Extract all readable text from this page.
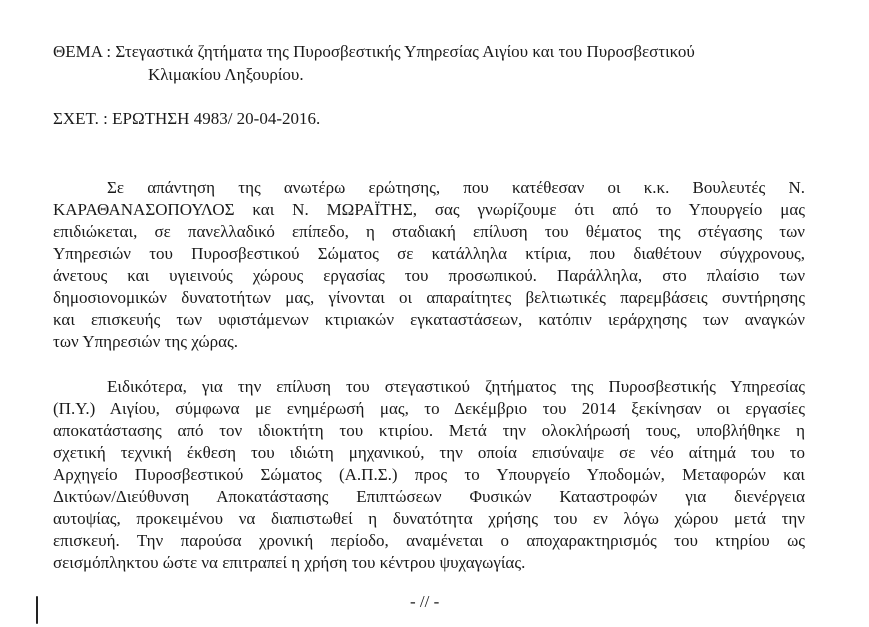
ΘΕΜΑ : Στεγαστικά ζητήματα της Πυροσβεστικής Υπηρεσίας Αιγίου και του Πυροσβεστικού
Κλιμακίου Ληξουρίου.
ΣΧΕΤ. : ΕΡΩΤΗΣΗ 4983/ 20-04-2016.
Σε απάντηση της ανωτέρω ερώτησης, που κατέθεσαν οι κ.κ. Βουλευτές Ν.
ΚΑΡΑΘΑΝΑΣΟΠΟΥΛΟΣ και Ν. ΜΩΡΑΪΤΗΣ, σας γνωρίζουμε ότι από το Υπουργείο μας
επιδιώκεται, σε πανελλαδικό επίπεδο, η σταδιακή επίλυση του θέματος της στέγασης των
Υπηρεσιών του Πυροσβεστικού Σώματος σε κατάλληλα κτίρια, που διαθέτουν σύγχρονους,
άνετους και υγιεινούς χώρους εργασίας του προσωπικού. Παράλληλα, στο πλαίσιο των
δημοσιονομικών δυνατοτήτων μας, γίνονται οι απαραίτητες βελτιωτικές παρεμβάσεις συντήρησης
και επισκευής των υφιστάμενων κτιριακών εγκαταστάσεων, κατόπιν ιεράρχησης των αναγκών
των Υπηρεσιών της χώρας.
Ειδικότερα, για την επίλυση του στεγαστικού ζητήματος της Πυροσβεστικής Υπηρεσίας
(Π.Υ.) Αιγίου, σύμφωνα με ενημέρωσή μας, το Δεκέμβριο του 2014 ξεκίνησαν οι εργασίες
αποκατάστασης από τον ιδιοκτήτη του κτιρίου. Μετά την ολοκλήρωσή τους, υποβλήθηκε η
σχετική τεχνική έκθεση του ιδιώτη μηχανικού, την οποία επισύναψε σε νέο αίτημά του το
Αρχηγείο Πυροσβεστικού Σώματος (Α.Π.Σ.) προς το Υπουργείο Υποδομών, Μεταφορών και
Δικτύων/Διεύθυνση Αποκατάστασης Επιπτώσεων Φυσικών Καταστροφών για διενέργεια
αυτοψίας, προκειμένου να διαπιστωθεί η δυνατότητα χρήσης του εν λόγω χώρου μετά την
επισκευή. Την παρούσα χρονική περίοδο, αναμένεται ο αποχαρακτηρισμός του κτηρίου ως
σεισμόπληκτου ώστε να επιτραπεί η χρήση του κέντρου ψυχαγωγίας.
- // -
